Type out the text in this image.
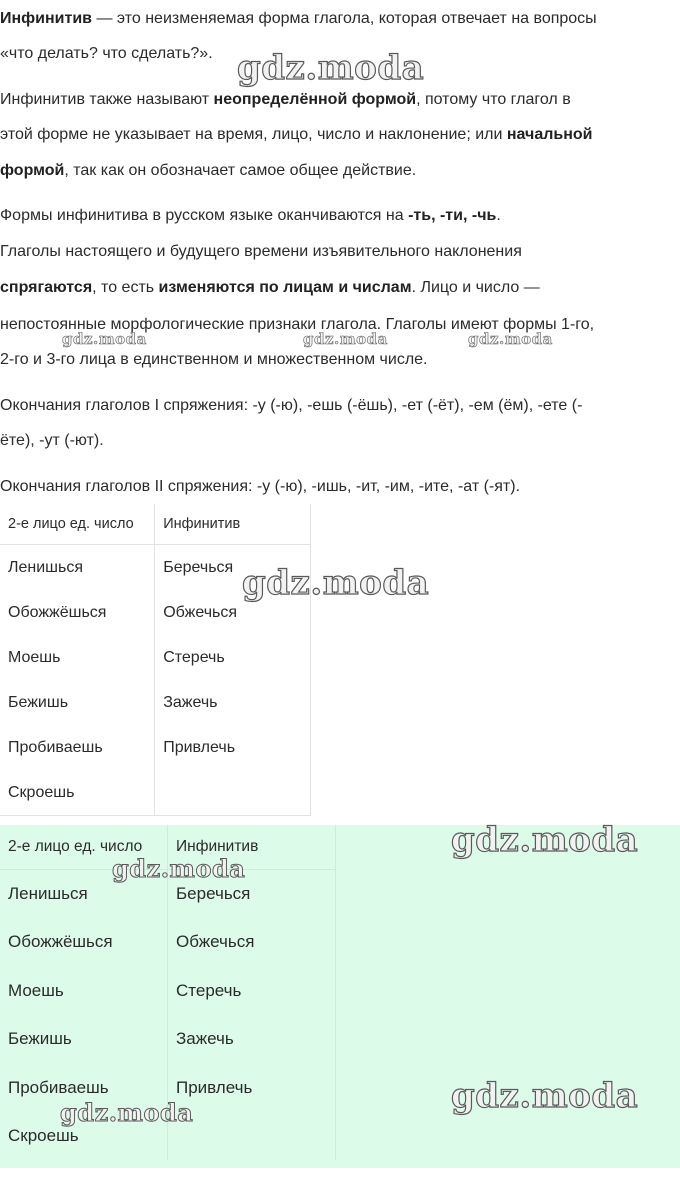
Инфинитив — это неизменяемая форма глагола, которая отвечает на вопросы

«что делать? что сделать?».

Инфинитив также называют неопределённой формой, потому что глагол в

этой форме не указывает на время, лицо, число и наклонение; или начальной

формой, так как он обозначает самое общее действие.

Формы инфинитива в русском языке оканчиваются на -ть, -ти, -чь.

Глаголы настоящего и будущего времени изъявительного наклонения

спрягаются, то есть изменяются по лицам и числам. Лицо и число —

непостоянные морфологические признаки глагола. Глаголы имеют формы 1-го,

2-го и 3-го лица в единственном и множественном числе.

Окончания глаголов I спряжения: -у (-ю), -ешь (-ёшь), -ет (-ёт), -ем (ём), -ете (-

ёте), -ут (-ют).

Окончания глаголов II спряжения: -у (-ю), -ишь, -ит, -им, -ите, -ат (-ят).

2-е лицо ед. число	Инфинитив
Ленишься	Беречься
Обожжёшься	Обжечься
Моешь	Стеречь
Бежишь	Зажечь
Пробиваешь	Привлечь
Скроешь	
2-е лицо ед. число	Инфинитив
Ленишься	Беречься
Обожжёшься	Обжечься
Моешь	Стеречь
Бежишь	Зажечь
Пробиваешь	Привлечь
Скроешь	
gdz.moda
gdz.moda	gdz.moda	gdz.moda
gdz.moda
gdz.moda
gdz.moda
gdz.moda
gdz.moda
